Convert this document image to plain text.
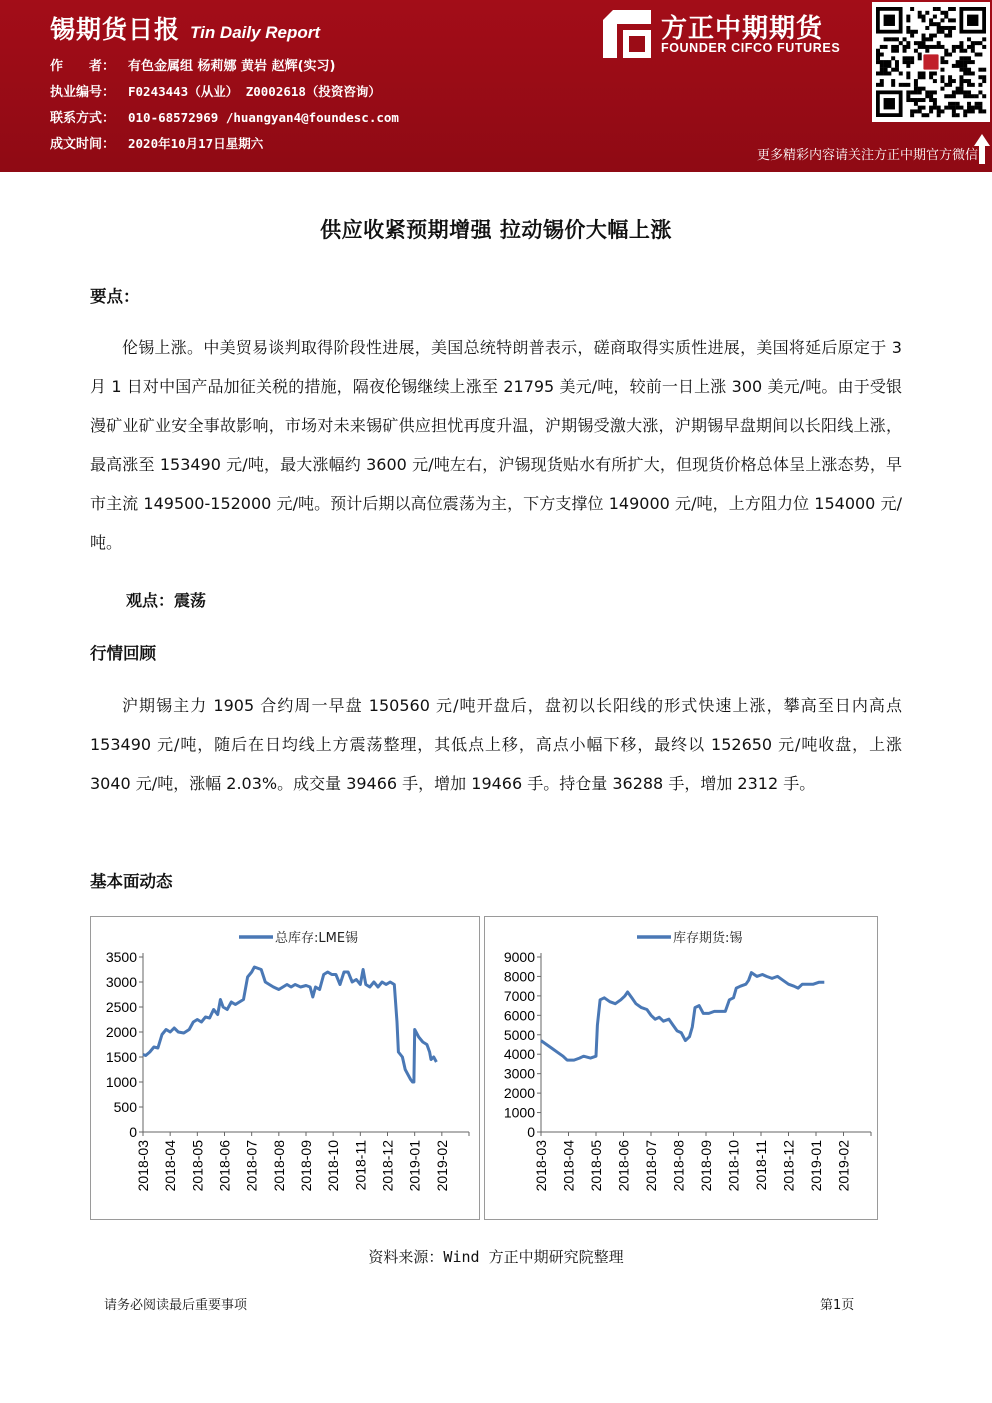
锡期货日报 Tin Daily Report
作　　者： 有色金属组 杨莉娜 黄岩 赵辉(实习)
执业编号： F0243443（从业） Z0002618（投资咨询）
联系方式： 010-68572969 /huangyan4@foundesc.com
成文时间： 2020年10月17日星期六
方正中期期货
FOUNDER CIFCO FUTURES
更多精彩内容请关注方正中期官方微信
供应收紧预期增强 拉动锡价大幅上涨
要点：
伦锡上涨。中美贸易谈判取得阶段性进展，美国总统特朗普表示，磋商取得实质性进展，美国将延后原定于 3 月 1 日对中国产品加征关税的措施，隔夜伦锡继续上涨至 21795 美元/吨，较前一日上涨 300 美元/吨。由于受银漫矿业矿业安全事故影响，市场对未来锡矿供应担忧再度升温，沪期锡受激大涨，沪期锡早盘期间以长阳线上涨，最高涨至 153490 元/吨，最大涨幅约 3600 元/吨左右，沪锡现货贴水有所扩大，但现货价格总体呈上涨态势，早市主流 149500-152000 元/吨。预计后期以高位震荡为主，下方支撑位 149000 元/吨，上方阻力位 154000 元/吨。
观点：震荡
行情回顾
沪期锡主力 1905 合约周一早盘 150560 元/吨开盘后，盘初以长阳线的形式快速上涨，攀高至日内高点 153490 元/吨，随后在日均线上方震荡整理，其低点上移，高点小幅下移，最终以 152650 元/吨收盘，上涨 3040 元/吨，涨幅 2.03%。成交量 39466 手，增加 19466 手。持仓量 36288 手，增加 2312 手。
基本面动态
总库存:LME锡
0
500
1000
1500
2000
2500
3000
3500
2018-03 2018-04 2018-05 2018-06 2018-07 2018-08 2018-09 2018-10 2018-11 2018-12 2019-01 2019-02
库存期货:锡
0
1000
2000
3000
4000
5000
6000
7000
8000
9000
2018-03 2018-04 2018-05 2018-06 2018-07 2018-08 2018-09 2018-10 2018-11 2018-12 2019-01 2019-02
资料来源：Wind 方正中期研究院整理
请务必阅读最后重要事项	第1页
